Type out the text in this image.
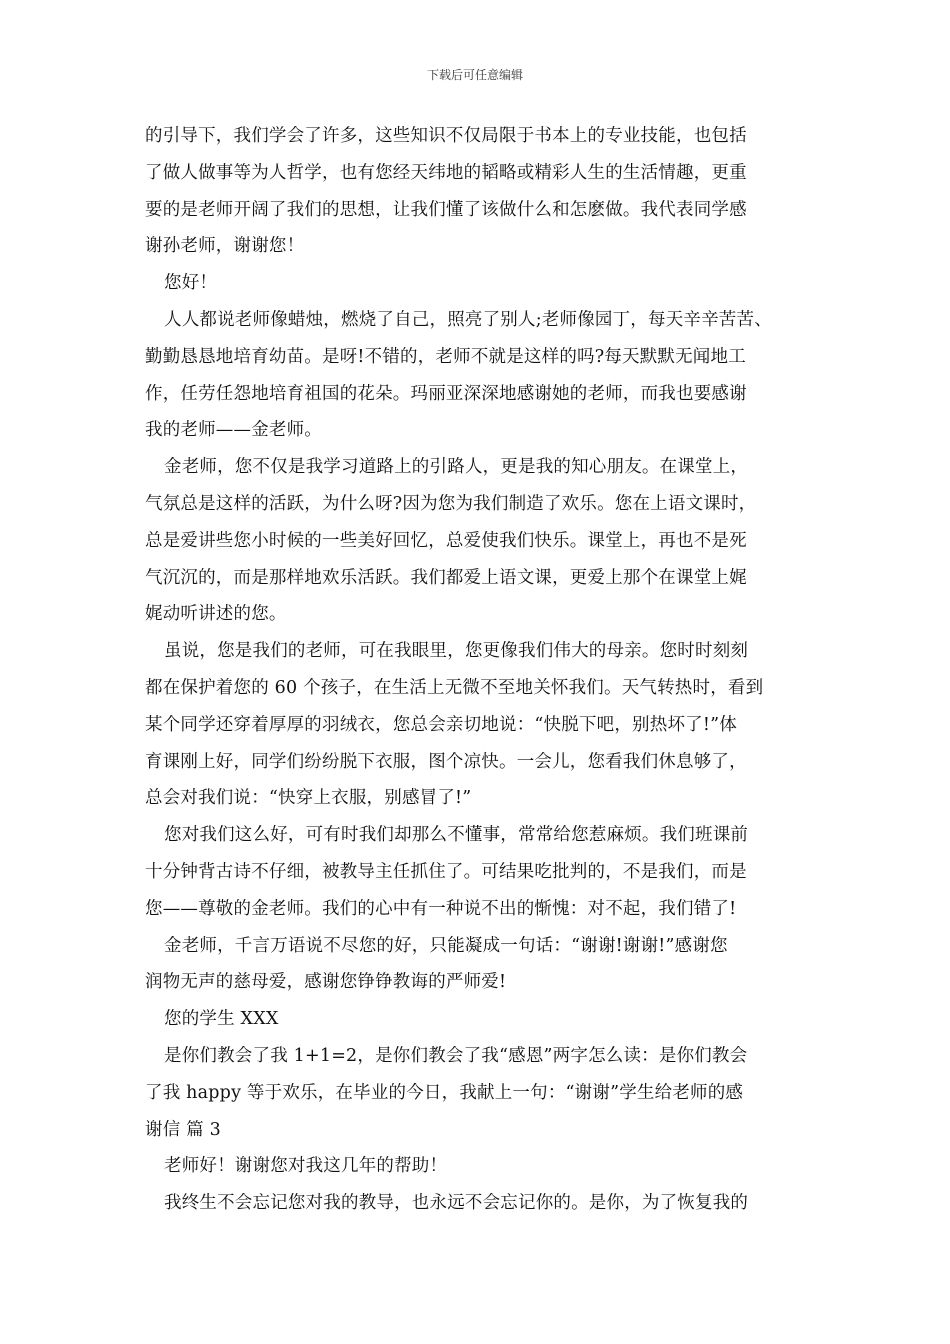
下载后可任意编辑
的引导下，我们学会了许多，这些知识不仅局限于书本上的专业技能，也包括
了做人做事等为人哲学，也有您经天纬地的韬略或精彩人生的生活情趣，更重
要的是老师开阔了我们的思想，让我们懂了该做什么和怎麽做。我代表同学感
谢孙老师，谢谢您！
您好！
人人都说老师像蜡烛，燃烧了自己，照亮了别人;老师像园丁，每天辛辛苦苦、
勤勤恳恳地培育幼苗。是呀!不错的，老师不就是这样的吗?每天默默无闻地工
作，任劳任怨地培育祖国的花朵。玛丽亚深深地感谢她的老师，而我也要感谢
我的老师——金老师。
金老师，您不仅是我学习道路上的引路人，更是我的知心朋友。在课堂上，
气氛总是这样的活跃，为什么呀?因为您为我们制造了欢乐。您在上语文课时，
总是爱讲些您小时候的一些美好回忆，总爱使我们快乐。课堂上，再也不是死
气沉沉的，而是那样地欢乐活跃。我们都爱上语文课，更爱上那个在课堂上娓
娓动听讲述的您。
虽说，您是我们的老师，可在我眼里，您更像我们伟大的母亲。您时时刻刻
都在保护着您的 60 个孩子，在生活上无微不至地关怀我们。天气转热时，看到
某个同学还穿着厚厚的羽绒衣，您总会亲切地说：“快脱下吧，别热坏了!”体
育课刚上好，同学们纷纷脱下衣服，图个凉快。一会儿，您看我们休息够了，
总会对我们说：“快穿上衣服，别感冒了!”
您对我们这么好，可有时我们却那么不懂事，常常给您惹麻烦。我们班课前
十分钟背古诗不仔细，被教导主任抓住了。可结果吃批判的，不是我们，而是
您——尊敬的金老师。我们的心中有一种说不出的惭愧：对不起，我们错了!
金老师，千言万语说不尽您的好，只能凝成一句话：“谢谢!谢谢!”感谢您
润物无声的慈母爱，感谢您铮铮教诲的严师爱!
您的学生 XXX
是你们教会了我 1+1=2，是你们教会了我“感恩”两字怎么读：是你们教会
了我 happy 等于欢乐，在毕业的今日，我献上一句：“谢谢”学生给老师的感
谢信 篇 3
老师好！谢谢您对我这几年的帮助！
我终生不会忘记您对我的教导，也永远不会忘记你的。是你，为了恢复我的
